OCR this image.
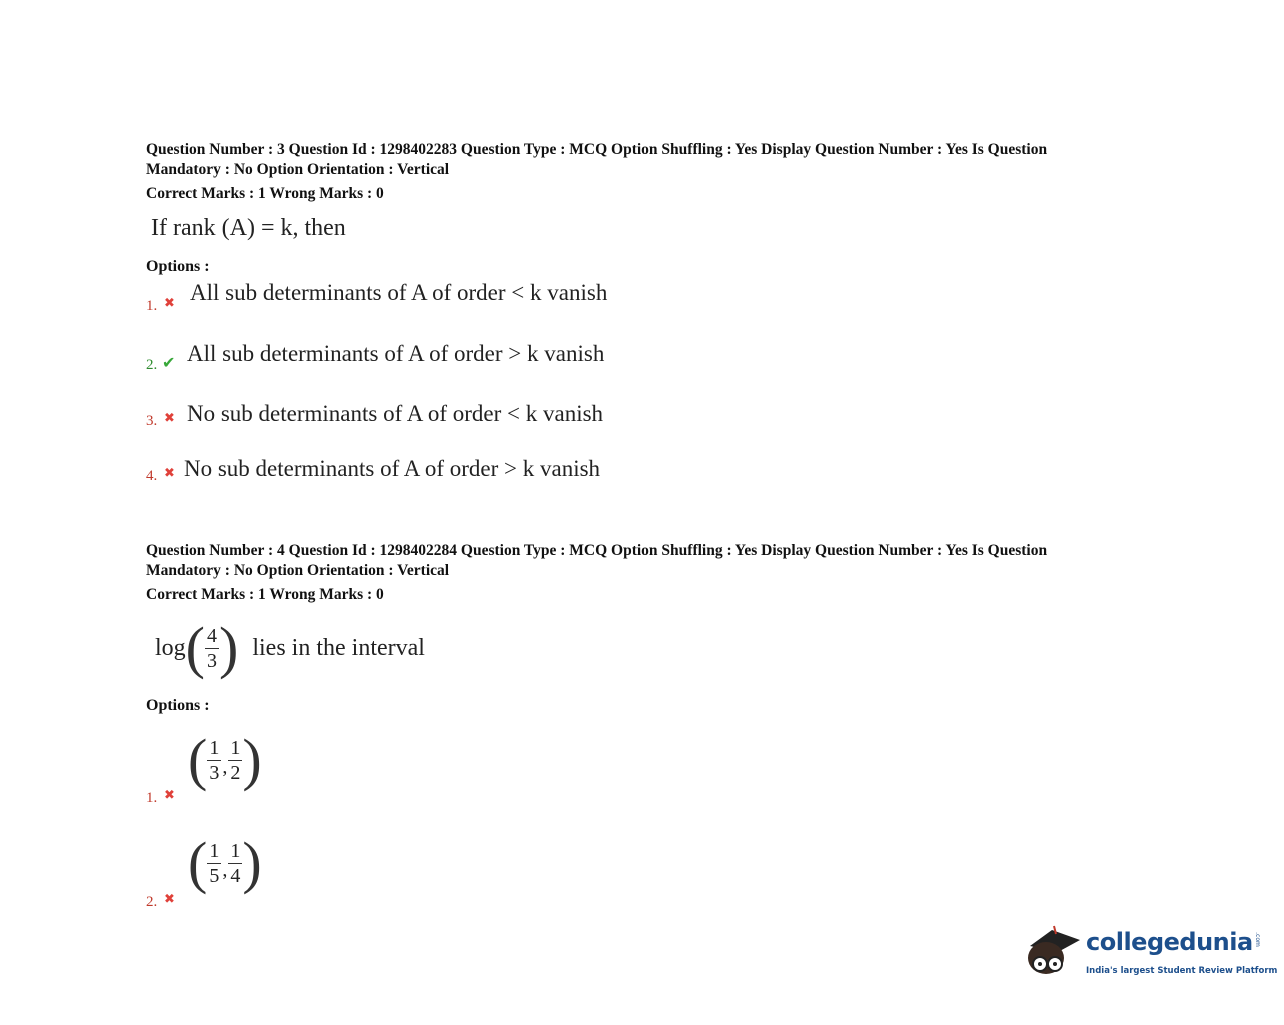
Question Number : 3 Question Id : 1298402283 Question Type : MCQ Option Shuffling : Yes Display Question Number : Yes Is Question
Mandatory : No Option Orientation : Vertical
Correct Marks : 1 Wrong Marks : 0
If rank (A) = k, then
Options :
1. ✖ All sub determinants of A of order < k vanish
2. ✔ All sub determinants of A of order > k vanish
3. ✖ No sub determinants of A of order < k vanish
4. ✖ No sub determinants of A of order > k vanish
Question Number : 4 Question Id : 1298402284 Question Type : MCQ Option Shuffling : Yes Display Question Number : Yes Is Question
Mandatory : No Option Orientation : Vertical
Correct Marks : 1 Wrong Marks : 0
log ( $\frac{4}{3}$ ) lies in the interval
Options :
1. ✖
( $\frac{1}{3}$ , $\frac{1}{2}$ )
2. ✖
( $\frac{1}{5}$ , $\frac{1}{4}$ )
collegedunia .com
India's largest Student Review Platform
